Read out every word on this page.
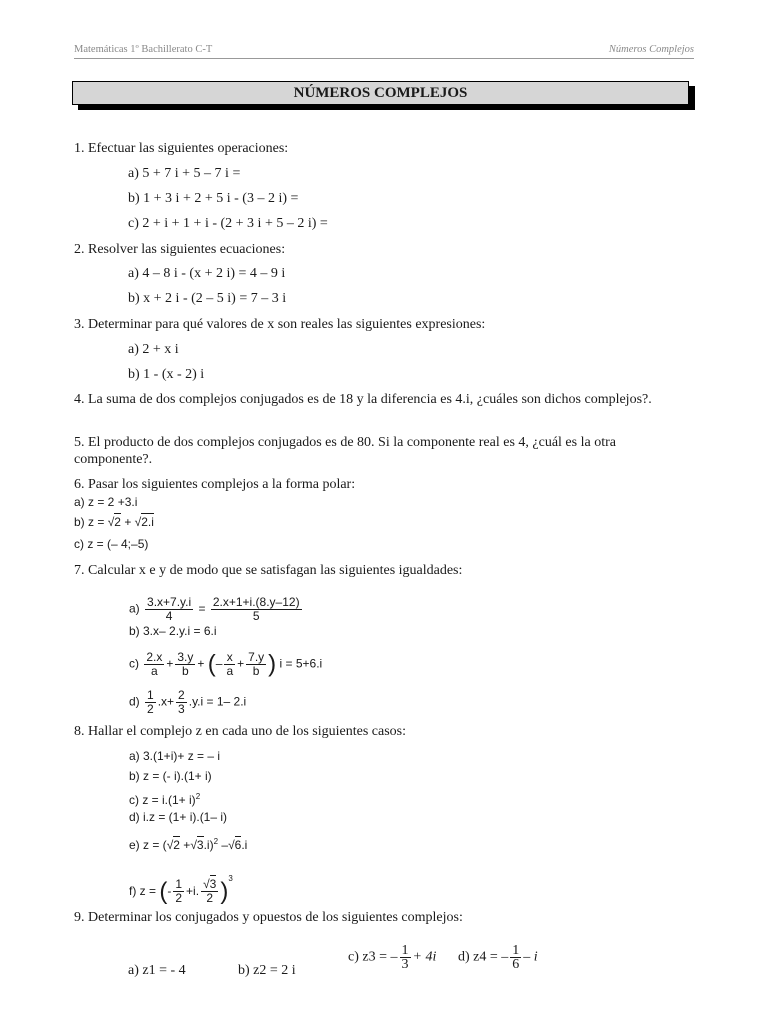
Matemáticas 1º Bachillerato C-T	Números Complejos
NÚMEROS COMPLEJOS
1. Efectuar las siguientes operaciones:
a) 5 + 7 i + 5 – 7 i =
b) 1 + 3 i + 2 + 5 i - (3 – 2 i) =
c) 2 + i + 1 + i - (2 + 3 i + 5 – 2 i) =
2. Resolver las siguientes ecuaciones:
a) 4 – 8 i - (x + 2 i) = 4 – 9 i
b) x + 2 i - (2 – 5 i) = 7 – 3 i
3. Determinar para qué valores de x son reales las siguientes expresiones:
a) 2 + x i
b) 1 - (x - 2) i
4. La suma de dos complejos conjugados es de 18 y la diferencia es 4.i, ¿cuáles son dichos complejos?.
5. El producto de dos complejos conjugados es de 80. Si la componente real es 4, ¿cuál es la otra componente?.
6. Pasar los siguientes complejos a la forma polar:
a) z = 2 +3.i
b) z = √2 + √2.i
c) z = (– 4;–5)
7. Calcular x e y de modo que se satisfagan las siguientes igualdades:
$a) \frac{3.x+7.y.i}{4} = \frac{2.x+1+i.(8.y-12)}{5}$
b) 3.x– 2.y.i = 6.i
$c) \frac{2.x}{a} + \frac{3.y}{b}$ + (– $\frac{x}{a} + \frac{7.y}{b}$ ) i = 5+6.i
$d) \frac{1}{2} .x+ \frac{2}{3} .y.i = 1-$ 2.i
8. Hallar el complejo z en cada uno de los siguientes casos:
a) 3.(1+i)+ z = – i
b) z = (- i).(1+ i)
c) $z = i.(1+ i)^2$
d) i.z = (1+ i).(1– i)
e) $z = (√2 +√3.i)^2$ –√6.i
f) z = (- $\frac{1}{2} +i$. $\frac{√3}{2} )^3$
9. Determinar los conjugados y opuestos de los siguientes complejos:
a) z1 = - 4	b) z2 = 2 i
c) z3 = – $\frac{1}{3} + 4i$ d) z4 = – $\frac{1}{6}$ – i
